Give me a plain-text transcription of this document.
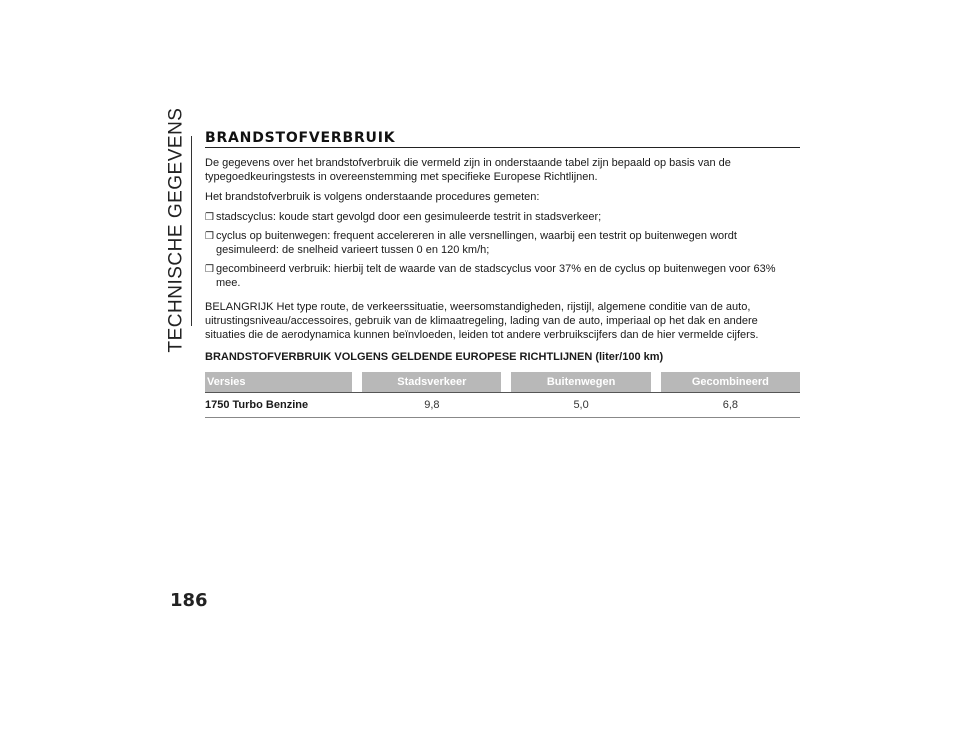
TECHNISCHE GEGEVENS BRANDSTOFVERBRUIK

De gegevens over het brandstofverbruik die vermeld zijn in onderstaande tabel zijn bepaald op basis van de typegoedkeuringstests in overeenstemming met specifieke Europese Richtlijnen.

Het brandstofverbruik is volgens onderstaande procedures gemeten:

❒ stadscyclus: koude start gevolgd door een gesimuleerde testrit in stadsverkeer;
❒ cyclus op buitenwegen: frequent accelereren in alle versnellingen, waarbij een testrit op buitenwegen wordt gesimuleerd: de snelheid varieert tussen 0 en 120 km/h;
❒ gecombineerd verbruik: hierbij telt de waarde van de stadscyclus voor 37% en de cyclus op buitenwegen voor 63% mee.

BELANGRIJK Het type route, de verkeerssituatie, weersomstandigheden, rijstijl, algemene conditie van de auto, uitrustingsniveau/accessoires, gebruik van de klimaatregeling, lading van de auto, imperiaal op het dak en andere situaties die de aerodynamica kunnen beïnvloeden, leiden tot andere verbruikscijfers dan de hier vermelde cijfers.

BRANDSTOFVERBRUIK VOLGENS GELDENDE EUROPESE RICHTLIJNEN (liter/100 km)
Versies		Stadsverkeer		Buitenwegen		Gecombineerd
1750 Turbo Benzine		9,8		5,0		6,8
186
